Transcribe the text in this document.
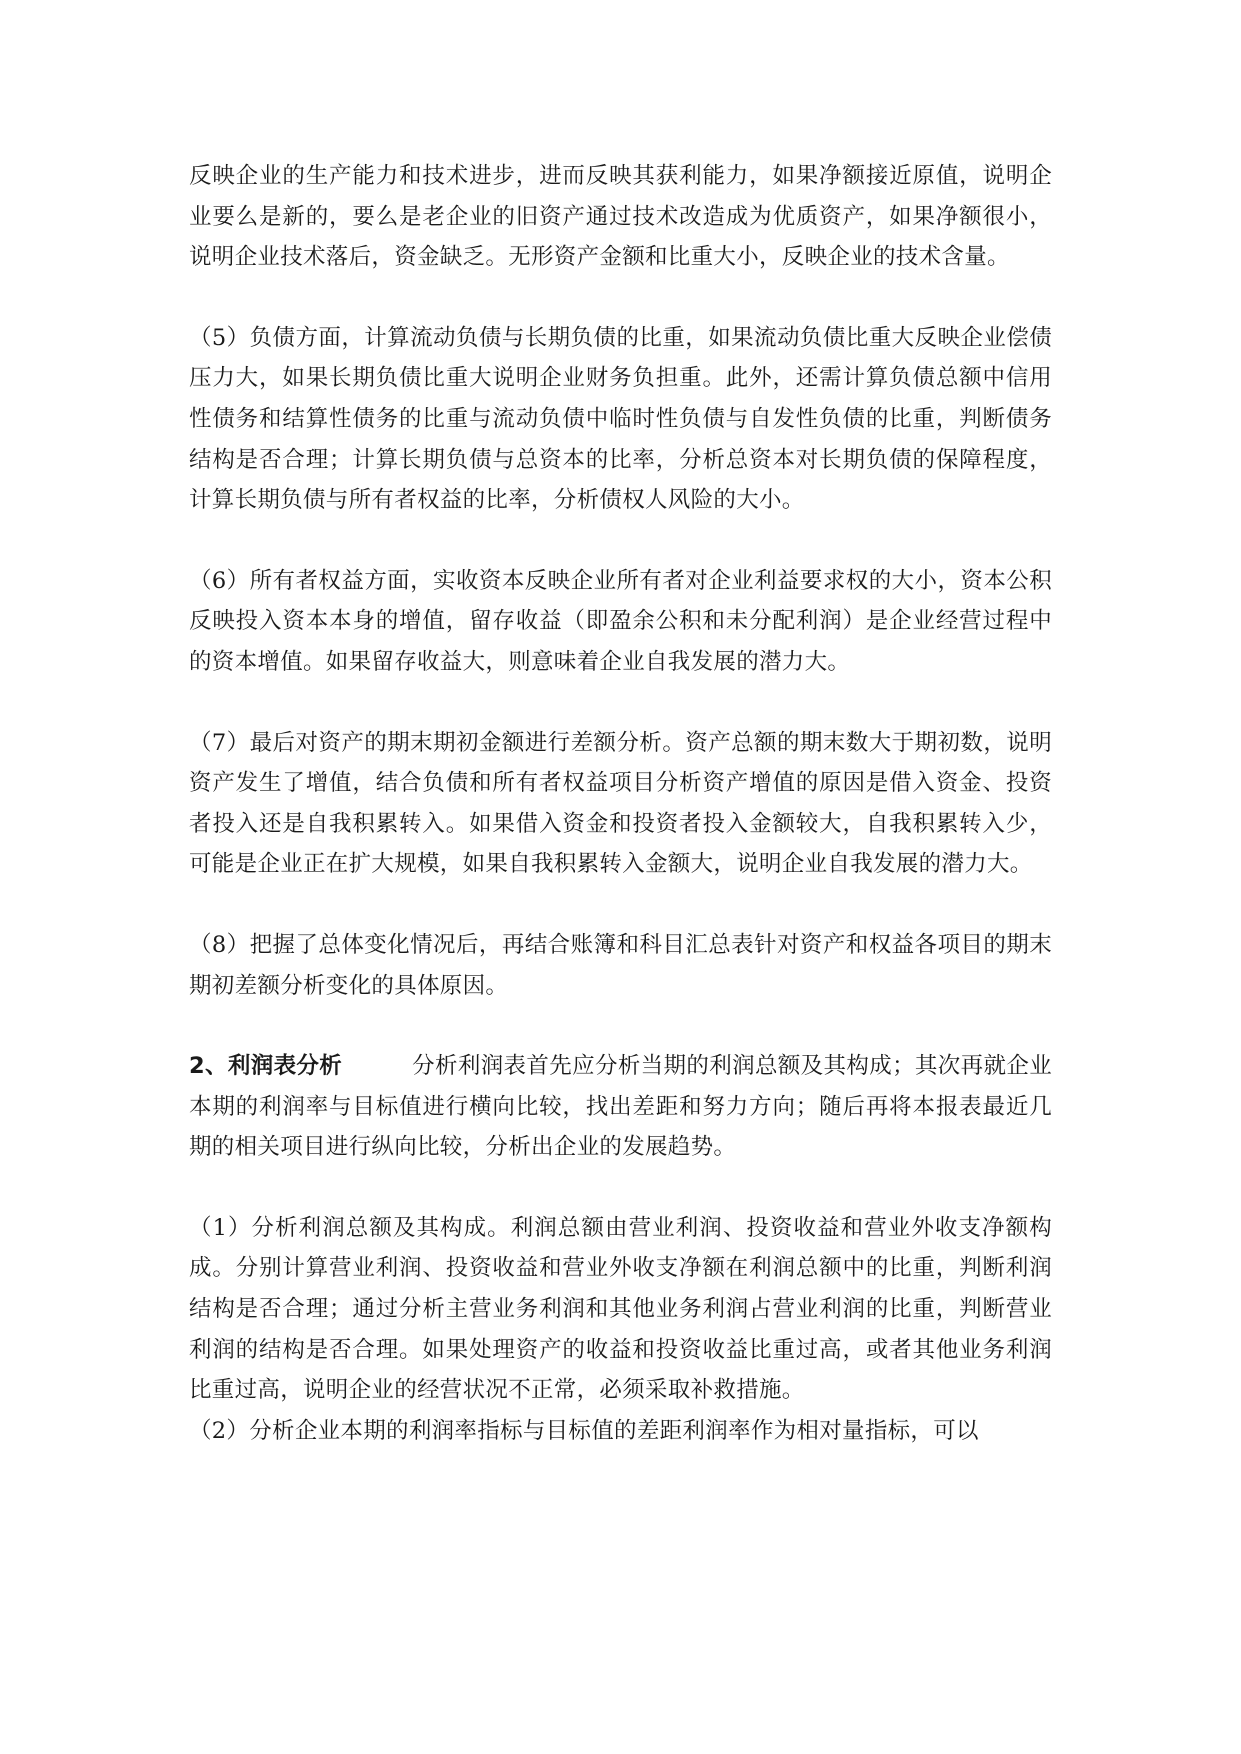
反映企业的生产能力和技术进步，进而反映其获利能力，如果净额接近原值，说明企业要么是新的，要么是老企业的旧资产通过技术改造成为优质资产，如果净额很小，说明企业技术落后，资金缺乏。无形资产金额和比重大小，反映企业的技术含量。

（5）负债方面，计算流动负债与长期负债的比重，如果流动负债比重大反映企业偿债压力大，如果长期负债比重大说明企业财务负担重。此外，还需计算负债总额中信用性债务和结算性债务的比重与流动负债中临时性负债与自发性负债的比重，判断债务结构是否合理；计算长期负债与总资本的比率，分析总资本对长期负债的保障程度，计算长期负债与所有者权益的比率，分析债权人风险的大小。

（6）所有者权益方面，实收资本反映企业所有者对企业利益要求权的大小，资本公积反映投入资本本身的增值，留存收益（即盈余公积和未分配利润）是企业经营过程中的资本增值。如果留存收益大，则意味着企业自我发展的潜力大。

（7）最后对资产的期末期初金额进行差额分析。资产总额的期末数大于期初数，说明资产发生了增值，结合负债和所有者权益项目分析资产增值的原因是借入资金、投资者投入还是自我积累转入。如果借入资金和投资者投入金额较大，自我积累转入少，可能是企业正在扩大规模，如果自我积累转入金额大，说明企业自我发展的潜力大。

（8）把握了总体变化情况后，再结合账簿和科目汇总表针对资产和权益各项目的期末期初差额分析变化的具体原因。

2、利润表分析	分析利润表首先应分析当期的利润总额及其构成；其次再就企业本期的利润率与目标值进行横向比较，找出差距和努力方向；随后再将本报表最近几期的相关项目进行纵向比较，分析出企业的发展趋势。

（1）分析利润总额及其构成。利润总额由营业利润、投资收益和营业外收支净额构成。分别计算营业利润、投资收益和营业外收支净额在利润总额中的比重，判断利润结构是否合理；通过分析主营业务利润和其他业务利润占营业利润的比重，判断营业利润的结构是否合理。如果处理资产的收益和投资收益比重过高，或者其他业务利润比重过高，说明企业的经营状况不正常，必须采取补救措施。

（2）分析企业本期的利润率指标与目标值的差距利润率作为相对量指标，可以
